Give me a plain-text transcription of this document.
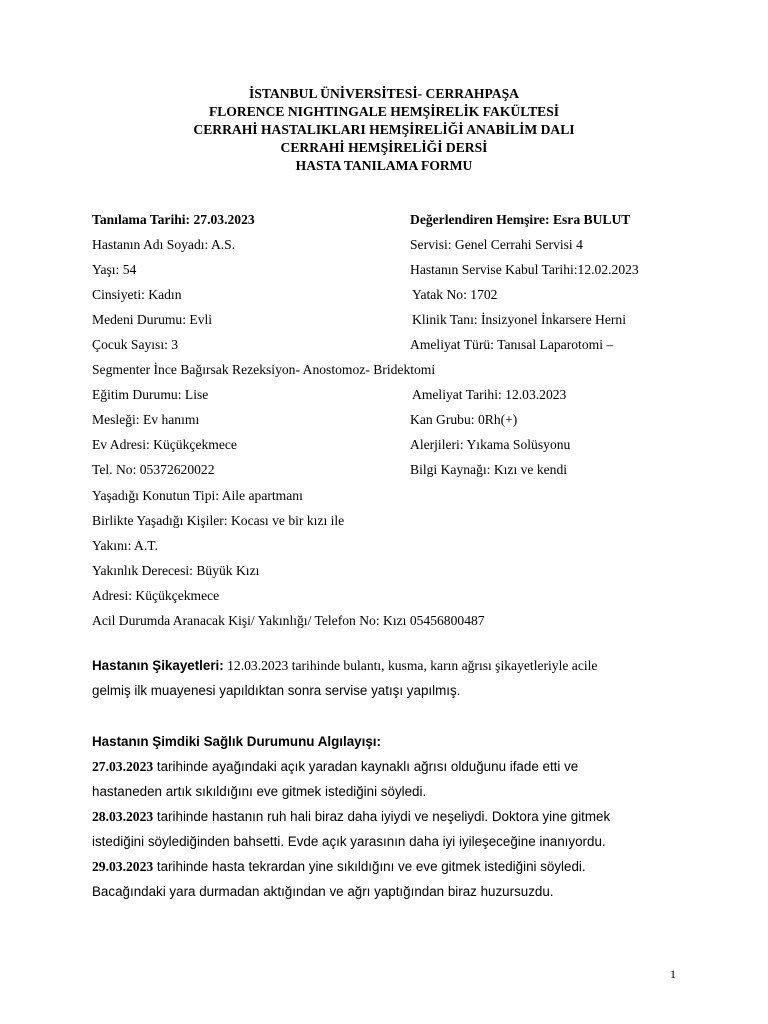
İSTANBUL ÜNİVERSİTESİ- CERRAHPAŞA
FLORENCE NIGHTINGALE HEMŞİRELİK FAKÜLTESİ
CERRAHİ HASTALIKLARI HEMŞİRELİĞİ ANABİLİM DALI
CERRAHİ HEMŞİRELİĞİ DERSİ
HASTA TANILAMA FORMU
Tanılama Tarihi: 27.03.2023	Değerlendiren Hemşire: Esra BULUT
Hastanın Adı Soyadı: A.S.	Servisi: Genel Cerrahi Servisi 4
Yaşı: 54	Hastanın Servise Kabul Tarihi:12.02.2023
Cinsiyeti: Kadın	Yatak No: 1702
Medeni Durumu: Evli	Klinik Tanı: İnsizyonel İnkarsere Herni
Çocuk Sayısı: 3	Ameliyat Türü: Tanısal Laparotomi –
Segmenter İnce Bağırsak Rezeksiyon- Anostomoz- Bridektomi
Eğitim Durumu: Lise	Ameliyat Tarihi: 12.03.2023
Mesleği: Ev hanımı	Kan Grubu: 0Rh(+)
Ev Adresi: Küçükçekmece	Alerjileri: Yıkama Solüsyonu
Tel. No: 05372620022	Bilgi Kaynağı: Kızı ve kendi
Yaşadığı Konutun Tipi: Aile apartmanı
Birlikte Yaşadığı Kişiler: Kocası ve bir kızı ile
Yakını: A.T.
Yakınlık Derecesi: Büyük Kızı
Adresi: Küçükçekmece
Acil Durumda Aranacak Kişi/ Yakınlığı/ Telefon No: Kızı 05456800487
Hastanın Şikayetleri: 12.03.2023 tarihinde bulantı, kusma, karın ağrısı şikayetleriyle acile
gelmiş ilk muayenesi yapıldıktan sonra servise yatışı yapılmış.
Hastanın Şimdiki Sağlık Durumunu Algılayışı:
27.03.2023 tarihinde ayağındaki açık yaradan kaynaklı ağrısı olduğunu ifade etti ve
hastaneden artık sıkıldığını eve gitmek istediğini söyledi.
28.03.2023 tarihinde hastanın ruh hali biraz daha iyiydi ve neşeliydi. Doktora yine gitmek
istediğini söylediğinden bahsetti. Evde açık yarasının daha iyi iyileşeceğine inanıyordu.
29.03.2023 tarihinde hasta tekrardan yine sıkıldığını ve eve gitmek istediğini söyledi.
Bacağındaki yara durmadan aktığından ve ağrı yaptığından biraz huzursuzdu.
1
